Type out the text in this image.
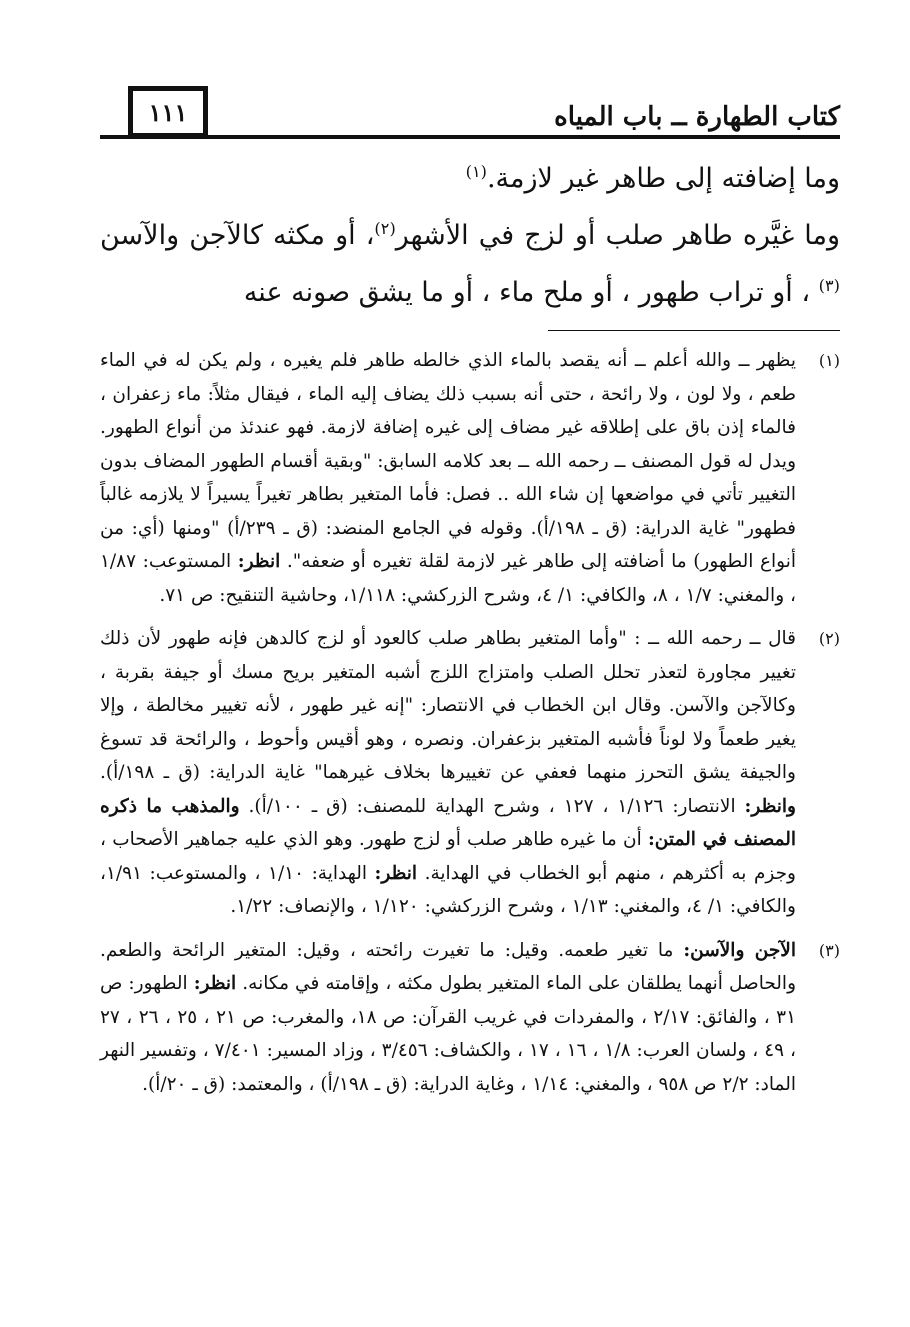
١١١	كتاب الطهارة ــ باب المياه

وما إضافته إلى طاهر غير لازمة.$^{(١)}$

وما غيَّره طاهر صلب أو لزج في الأشهر$^{(٢)}$، أو مكثه كالآجن والآسن $^{(٣)}$ ، أو تراب طهور ، أو ملح ماء ، أو ما يشق صونه عنه

(١)
يظهر ــ والله أعلم ــ أنه يقصد بالماء الذي خالطه طاهر فلم يغيره ، ولم يكن له في الماء طعم ، ولا لون ، ولا رائحة ، حتى أنه بسبب ذلك يضاف إليه الماء ، فيقال مثلاً: ماء زعفران ، فالماء إذن باق على إطلاقه غير مضاف إلى غيره إضافة لازمة. فهو عندئذ من أنواع الطهور. ويدل له قول المصنف ــ رحمه الله ــ بعد كلامه السابق: "وبقية أقسام الطهور المضاف بدون التغيير تأتي في مواضعها إن شاء الله .. فصل: فأما المتغير بطاهر تغيراً يسيراً لا يلازمه غالباً فطهور" غاية الدراية: (ق ـ ١٩٨/أ). وقوله في الجامع المنضد: (ق ـ ٢٣٩/أ) "ومنها (أي: من أنواع الطهور) ما أضافته إلى طاهر غير لازمة لقلة تغيره أو ضعفه". انظر: المستوعب: ١/٨٧ ، والمغني: ١/٧ ، ٨، والكافي: ١/ ٤، وشرح الزركشي: ١/١١٨، وحاشية التنقيح: ص ٧١.
(٢)
قال ــ رحمه الله ــ : "وأما المتغير بطاهر صلب كالعود أو لزج كالدهن فإنه طهور لأن ذلك تغيير مجاورة لتعذر تحلل الصلب وامتزاج اللزج أشبه المتغير بريح مسك أو جيفة بقربة ، وكالآجن والآسن. وقال ابن الخطاب في الانتصار: "إنه غير طهور ، لأنه تغيير مخالطة ، وإلا يغير طعماً ولا لوناً فأشبه المتغير بزعفران. ونصره ، وهو أقيس وأحوط ، والرائحة قد تسوغ والجيفة يشق التحرز منهما فعفي عن تغييرها بخلاف غيرهما" غاية الدراية: (ق ـ ١٩٨/أ). وانظر: الانتصار: ١/١٢٦ ، ١٢٧ ، وشرح الهداية للمصنف: (ق ـ ١٠٠/أ). والمذهب ما ذكره المصنف في المتن: أن ما غيره طاهر صلب أو لزج طهور. وهو الذي عليه جماهير الأصحاب ، وجزم به أكثرهم ، منهم أبو الخطاب في الهداية. انظر: الهداية: ١/١٠ ، والمستوعب: ١/٩١، والكافي: ١/ ٤، والمغني: ١/١٣ ، وشرح الزركشي: ١/١٢٠ ، والإنصاف: ١/٢٢.
(٣)
الآجن والآسن: ما تغير طعمه. وقيل: ما تغيرت رائحته ، وقيل: المتغير الرائحة والطعم. والحاصل أنهما يطلقان على الماء المتغير بطول مكثه ، وإقامته في مكانه. انظر: الطهور: ص ٣١ ، والفائق: ٢/١٧ ، والمفردات في غريب القرآن: ص ١٨، والمغرب: ص ٢١ ، ٢٥ ، ٢٦ ، ٢٧ ، ٤٩ ، ولسان العرب: ١/٨ ، ١٦ ، ١٧ ، والكشاف: ٣/٤٥٦ ، وزاد المسير: ٧/٤٠١ ، وتفسير النهر الماد: ٢/٢ ص ٩٥٨ ، والمغني: ١/١٤ ، وغاية الدراية: (ق ـ ١٩٨/أ) ، والمعتمد: (ق ـ ٢٠/أ).
